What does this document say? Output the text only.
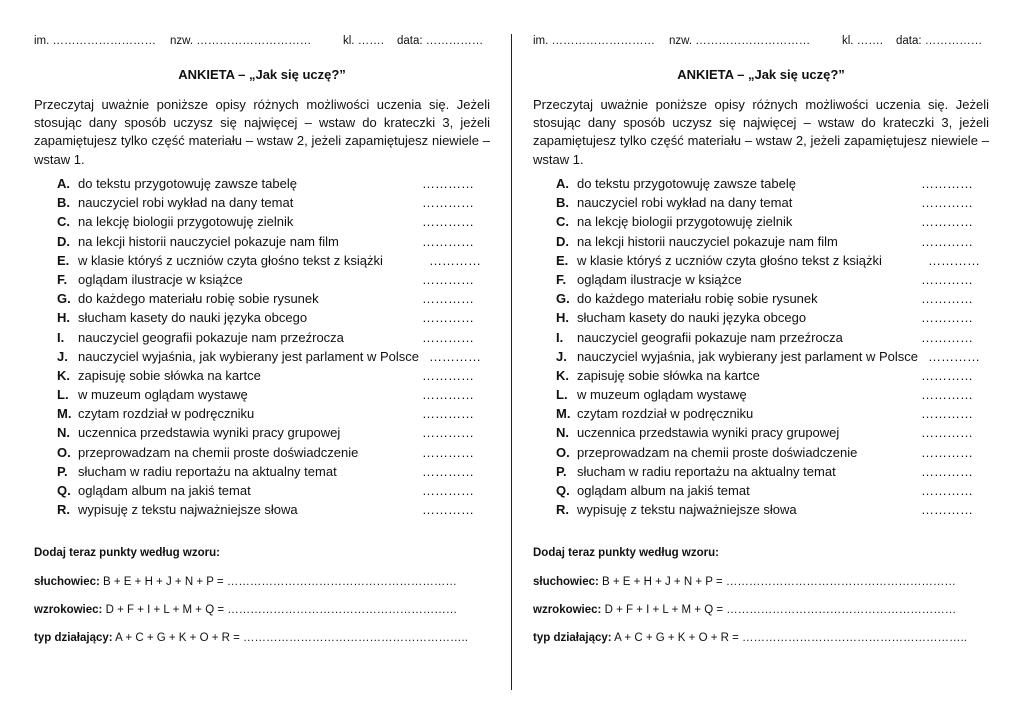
im. ……………………… nzw. …………………………	kl. ……. data: ……………
ANKIETA – „Jak się uczę?”

Przeczytaj uważnie poniższe opisy różnych możliwości uczenia się. Jeżeli stosując dany sposób uczysz się najwięcej – wstaw do krateczki 3, jeżeli zapamiętujesz tylko część materiału – wstaw 2, jeżeli zapamiętujesz niewiele – wstaw 1.

A. do tekstu przygotowuję zawsze tabelę	…………
B. nauczyciel robi wykład na dany temat	…………
C. na lekcję biologii przygotowuję zielnik	…………
D. na lekcji historii nauczyciel pokazuje nam film	…………
E. w klasie któryś z uczniów czyta głośno tekst z książki	…………
F. oglądam ilustracje w książce	…………
G. do każdego materiału robię sobie rysunek	…………
H. słucham kasety do nauki języka obcego	…………
I. nauczyciel geografii pokazuje nam przeźrocza	…………
J. nauczyciel wyjaśnia, jak wybierany jest parlament w Polsce …………
K. zapisuję sobie słówka na kartce	…………
L. w muzeum oglądam wystawę	…………
M. czytam rozdział w podręczniku	…………
N. uczennica przedstawia wyniki pracy grupowej	…………
O. przeprowadzam na chemii proste doświadczenie	…………
P. słucham w radiu reportażu na aktualny temat	…………
Q. oglądam album na jakiś temat	…………
R. wypisuję z tekstu najważniejsze słowa	…………
Dodaj teraz punkty według wzoru:
słuchowiec: B + E + H + J + N + P = ……………………………………………………
wzrokowiec: D + F + I + L + M + Q = ……………………………………………………
typ działający: A + C + G + K + O + R = …………………………………………………..
im. ……………………… nzw. …………………………	kl. ……. data: ……………
ANKIETA – „Jak się uczę?”

Przeczytaj uważnie poniższe opisy różnych możliwości uczenia się. Jeżeli stosując dany sposób uczysz się najwięcej – wstaw do krateczki 3, jeżeli zapamiętujesz tylko część materiału – wstaw 2, jeżeli zapamiętujesz niewiele – wstaw 1.

A. do tekstu przygotowuję zawsze tabelę	…………
B. nauczyciel robi wykład na dany temat	…………
C. na lekcję biologii przygotowuję zielnik	…………
D. na lekcji historii nauczyciel pokazuje nam film	…………
E. w klasie któryś z uczniów czyta głośno tekst z książki	…………
F. oglądam ilustracje w książce	…………
G. do każdego materiału robię sobie rysunek	…………
H. słucham kasety do nauki języka obcego	…………
I. nauczyciel geografii pokazuje nam przeźrocza	…………
J. nauczyciel wyjaśnia, jak wybierany jest parlament w Polsce …………
K. zapisuję sobie słówka na kartce	…………
L. w muzeum oglądam wystawę	…………
M. czytam rozdział w podręczniku	…………
N. uczennica przedstawia wyniki pracy grupowej	…………
O. przeprowadzam na chemii proste doświadczenie	…………
P. słucham w radiu reportażu na aktualny temat	…………
Q. oglądam album na jakiś temat	…………
R. wypisuję z tekstu najważniejsze słowa	…………
Dodaj teraz punkty według wzoru:
słuchowiec: B + E + H + J + N + P = ……………………………………………………
wzrokowiec: D + F + I + L + M + Q = ……………………………………………………
typ działający: A + C + G + K + O + R = …………………………………………………..
